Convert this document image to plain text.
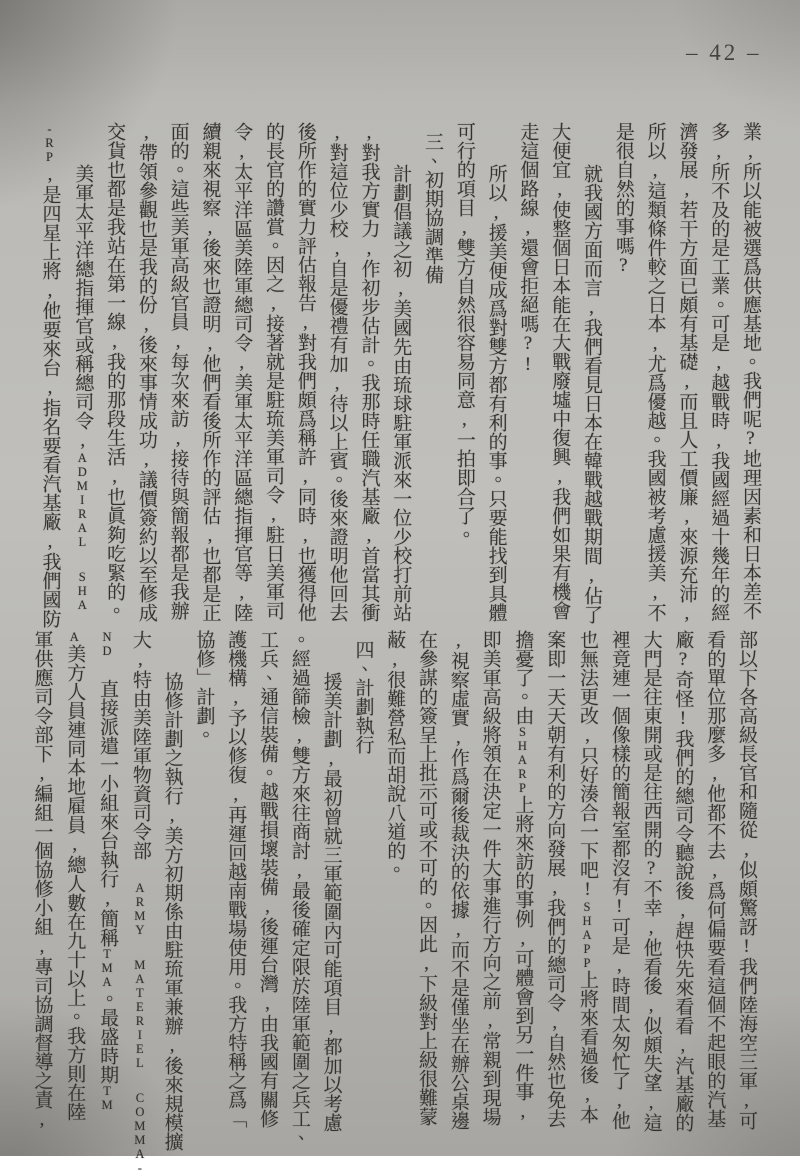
– 42 –

業,所以能被選爲供應基地。我們呢?地理因素和日本差不

多,所不及的是工業。可是,越戰時,我國經過十幾年的經

濟發展,若干方面已頗有基礎,而且人工價廉,來源充沛,

所以,這類條件較之日本,尤爲優越。我國被考慮援美,不

是很自然的事嗎?

就我國方面而言,我們看見日本在韓戰越戰期間,佔了

大便宜,使整個日本能在大戰廢墟中復興,我們如果有機會

走這個路線,還會拒絕嗎?!

所以,援美便成爲對雙方都有利的事。只要能找到具體

可行的項目,雙方自然很容易同意,一拍即合了。

三、初期協調準備

計劃倡議之初,美國先由琉球駐軍派來一位少校打前站

,對我方實力,作初步估計。我那時任職汽基廠,首當其衝

,對這位少校,自是優禮有加,待以上賓。後來證明他回去

後所作的實力評估報告,對我們頗爲稱許,同時,也獲得他

的長官的讚賞。因之,接著就是駐琉美軍司令,駐日美軍司

令,太平洋區美陸軍總司令,美軍太平洋區總指揮官等,陸

續親來視察,後來也證明,他們看後所作的評估,也都是正

面的。這些美軍高級官員,每次來訪,接待與簡報都是我辦

,帶領參觀也是我的份,後來事情成功,議價簽約以至修成

交貨也都是我站在第一線,我的那段生活,也眞夠吃緊的。

美軍太平洋總指揮官或稱總司令,ADMIRAL SHA

-RP,是四星上將,他要來台,指名要看汽基廠,我們國防

部以下各高級長官和隨從,似頗驚訝!我們陸海空三軍,可

看的單位那麼多,他都不去,爲何偏要看這個不起眼的汽基

廠?奇怪!我們的總司令聽說後,趕快先來看看,汽基廠的

大門是往東開或是往西開的?不幸,他看後,似頗失望,這

裡竟連一個像樣的簡報室都沒有!可是,時間太匆忙了,他

也無法更改,只好湊合一下吧!SHAPP上將來看過後,本

案即一天天朝有利的方向發展,我們的總司令,自然也免去

擔憂了。由SHARP上將來訪的事例,可體會到另一件事,

即美軍高級將領在決定一件大事進行方向之前,常親到現場

,視察虛實,作爲爾後裁決的依據,而不是僅坐在辦公桌邊

在參謀的簽呈上批示可或不可的。因此,下級對上級很難蒙

蔽,很難營私而胡說八道的。

四、計劃執行

援美計劃,最初曾就三軍範圍內可能項目,都加以考慮

。經過篩檢,雙方來往商討,最後確定限於陸軍範圍之兵工、

工兵、通信裝備。越戰損壞裝備,後運台灣,由我國有關修

護機構,予以修復,再運回越南戰場使用。我方特稱之爲「

協修」計劃。

協修計劃之執行,美方初期係由駐琉軍兼辦,後來規模擴

大,特由美陸軍物資司令部 ARMY MATERIEL COMMA-

ND 直接派遣一小組來台執行,簡稱TMA。最盛時期TM

A美方人員連同本地雇員,總人數在九十以上。我方則在陸

軍供應司令部下,編組一個協修小組,專司協調督導之責,
